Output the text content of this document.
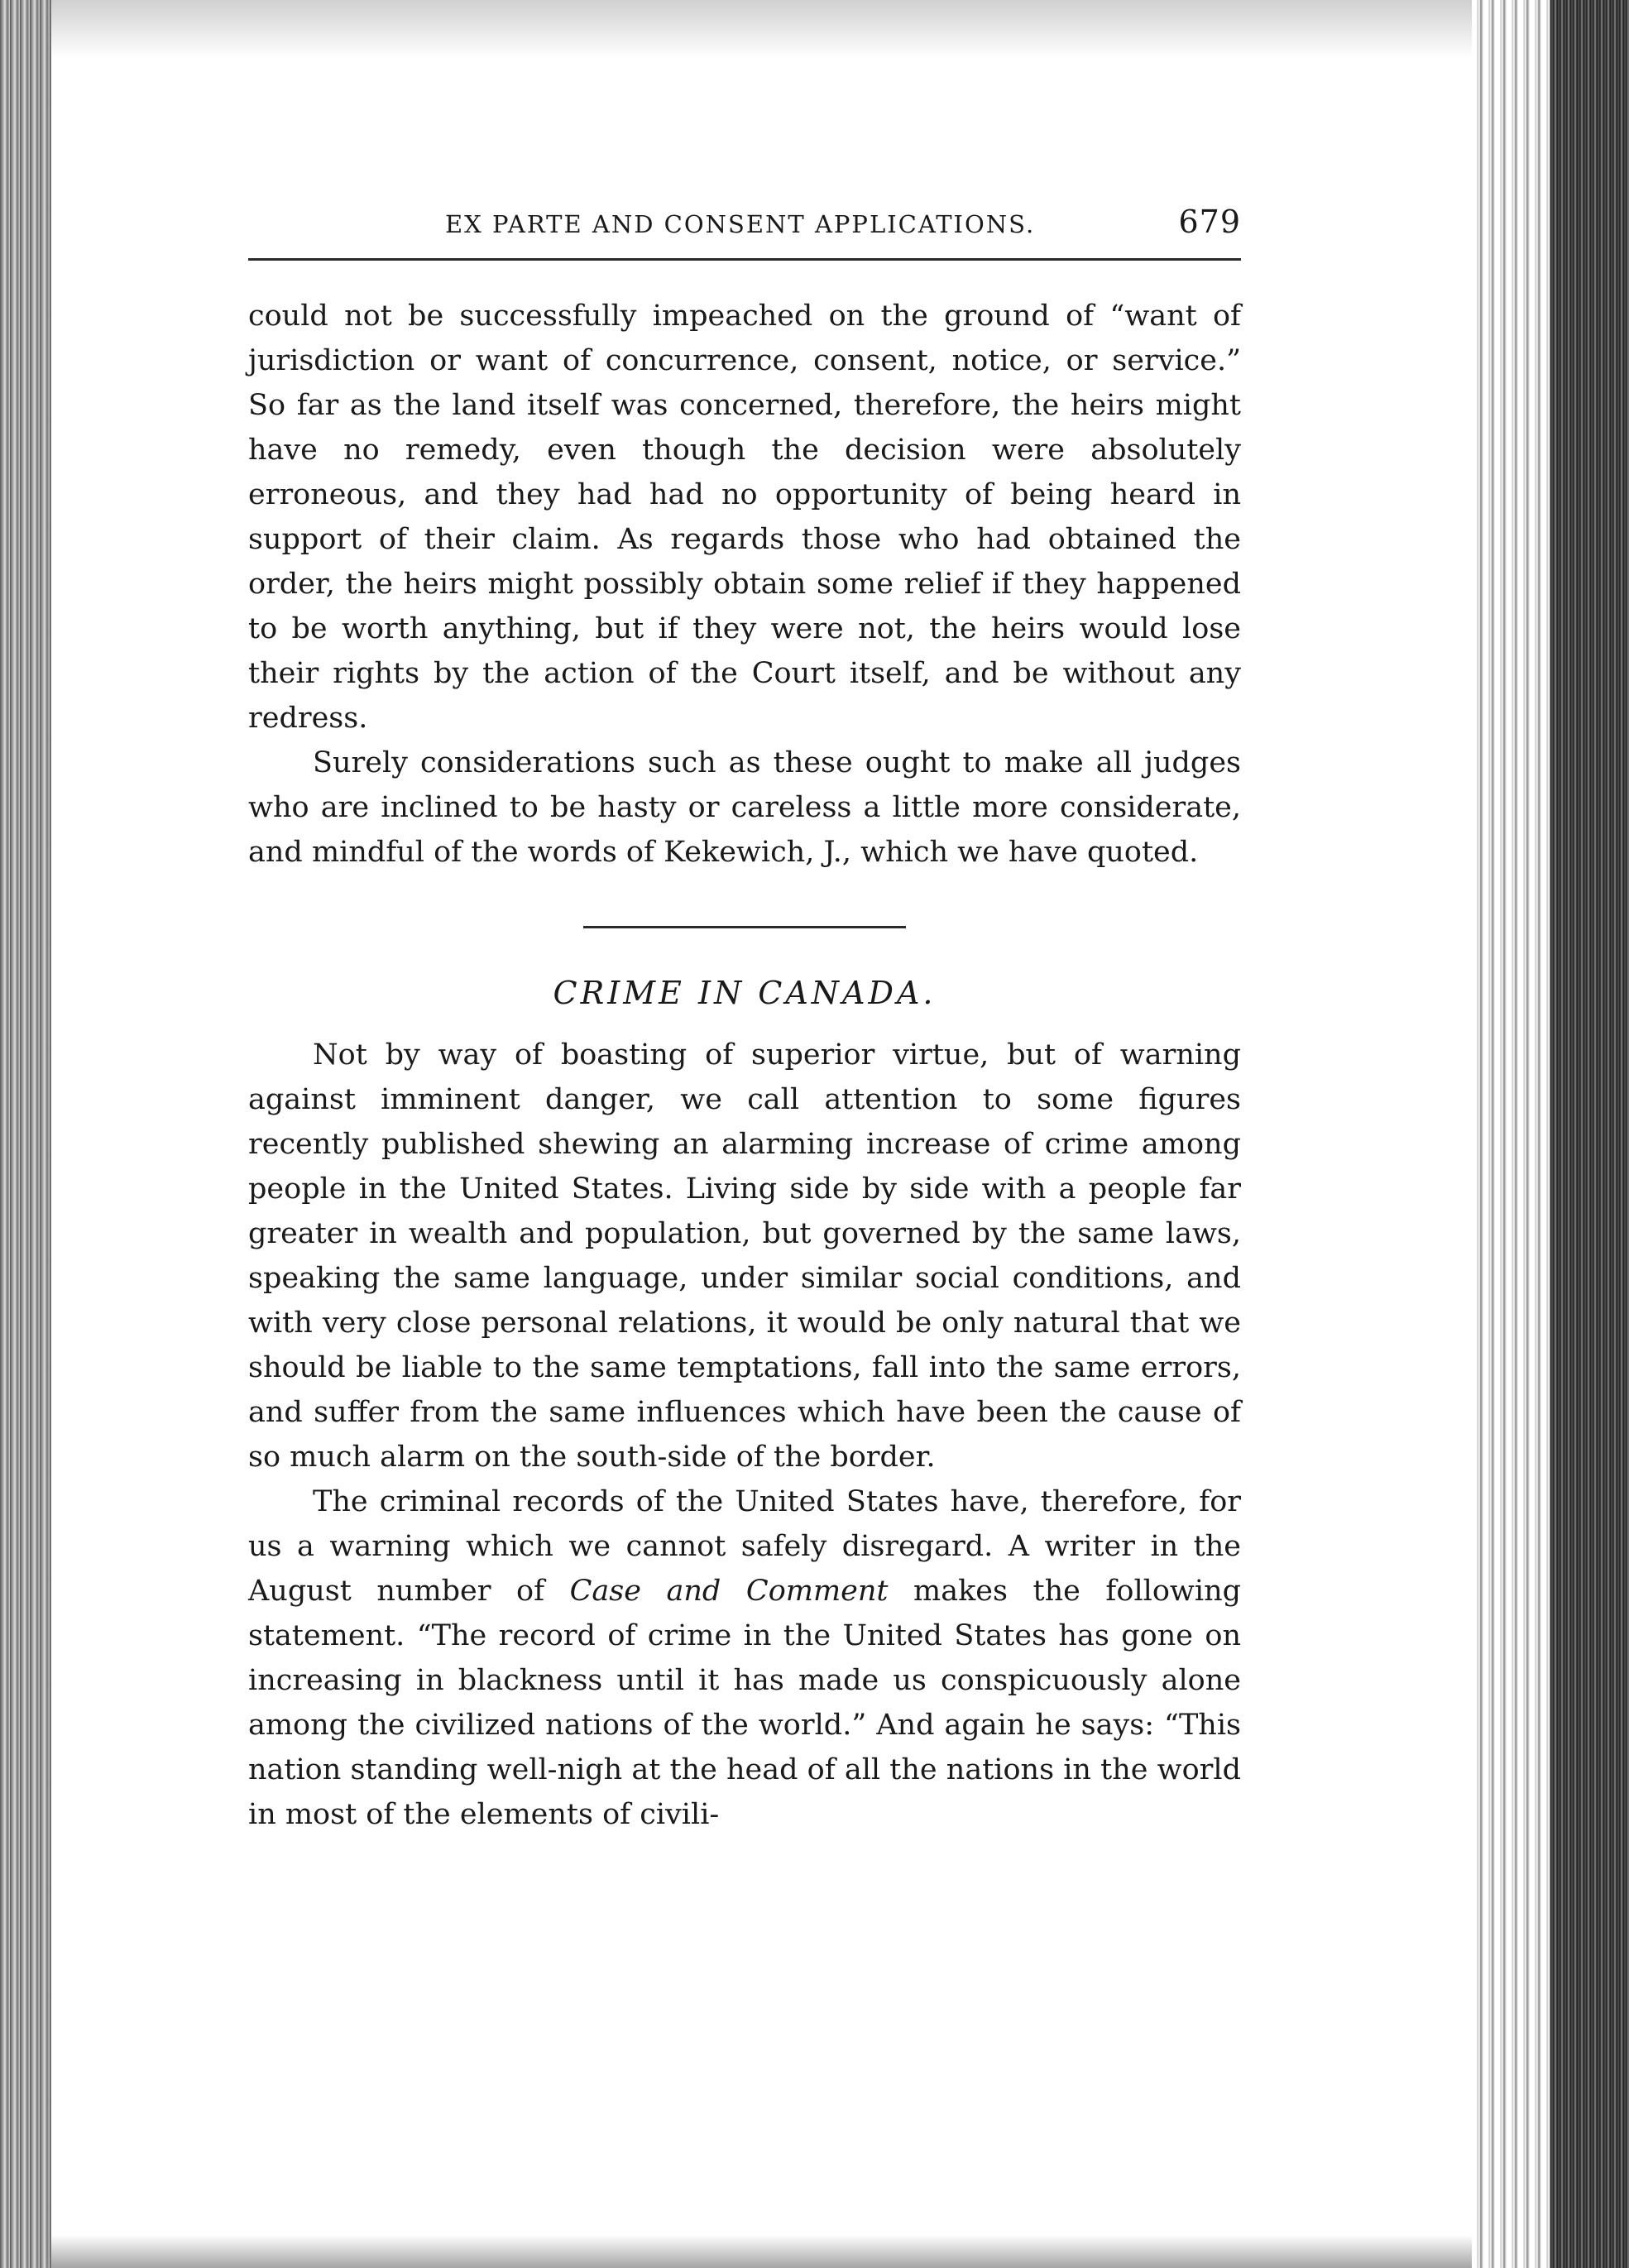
EX PARTE AND CONSENT APPLICATIONS.	679

could not be successfully impeached on the ground of “want of jurisdiction or want of concurrence, consent, notice, or service.” So far as the land itself was concerned, therefore, the heirs might have no remedy, even though the decision were absolutely erroneous, and they had had no opportunity of being heard in support of their claim. As regards those who had obtained the order, the heirs might possibly obtain some relief if they happened to be worth anything, but if they were not, the heirs would lose their rights by the action of the Court itself, and be without any redress.

Surely considerations such as these ought to make all judges who are inclined to be hasty or careless a little more considerate, and mindful of the words of Kekewich, J., which we have quoted.

CRIME IN CANADA.

Not by way of boasting of superior virtue, but of warning against imminent danger, we call attention to some figures recently published shewing an alarming increase of crime among people in the United States. Living side by side with a people far greater in wealth and population, but governed by the same laws, speaking the same language, under similar social conditions, and with very close personal relations, it would be only natural that we should be liable to the same temptations, fall into the same errors, and suffer from the same influences which have been the cause of so much alarm on the south-side of the border.

The criminal records of the United States have, therefore, for us a warning which we cannot safely disregard. A writer in the August number of Case and Comment makes the following statement. “The record of crime in the United States has gone on increasing in blackness until it has made us conspicuously alone among the civilized nations of the world.” And again he says: “This nation standing well-nigh at the head of all the nations in the world in most of the elements of civili-
